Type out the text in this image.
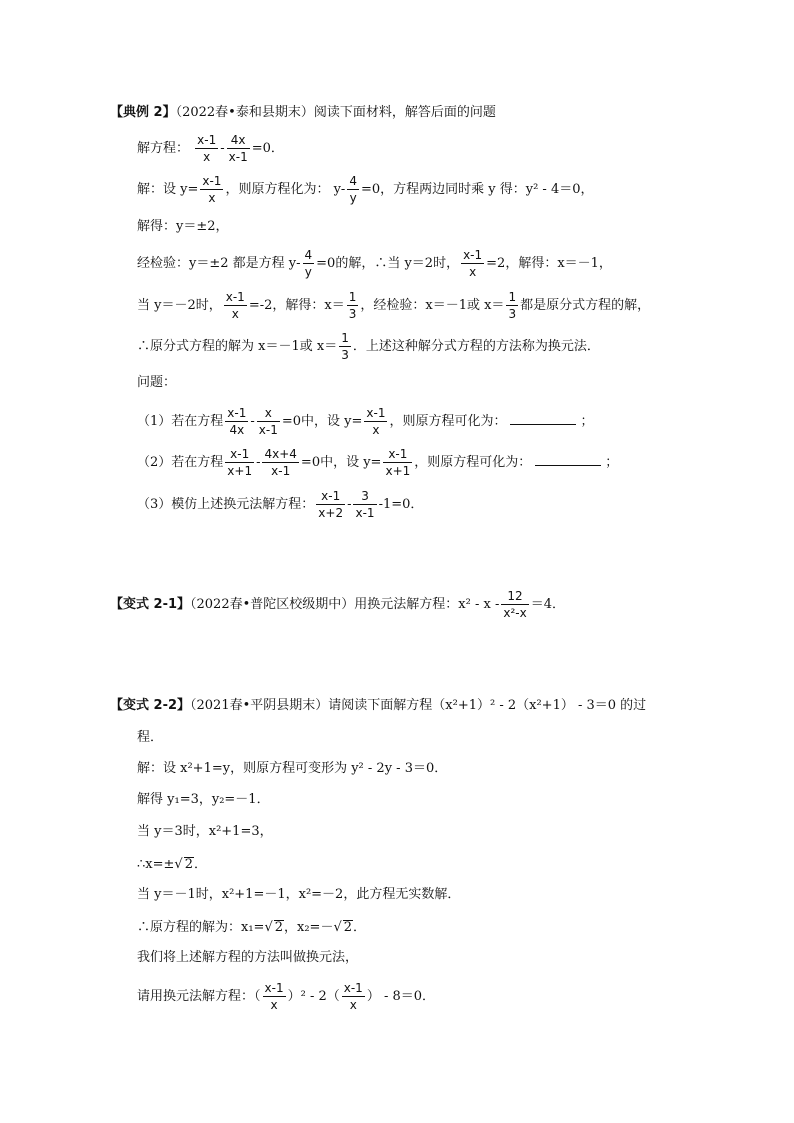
【典例 2】（2022春•泰和县期末）阅读下面材料，解答后面的问题
解方程： $\frac{x-1}{x} - \frac{4x}{x-1} =0$．
解：设 $y= \frac{x-1}{x}$ ，则原方程化为： $y- \frac{4}{y} =0$，方程两边同时乘 y 得：y² - 4＝0，
解得：y＝±2，
经检验：y＝±2 都是方程 $y- \frac{4}{y} =0$的解，∴当 y＝2时， $\frac{x-1}{x} =2$，解得：x＝－1，
当 y＝－2时， $\frac{x-1}{x} =-2$，解得：$x= \frac{1}{3}$ ，经检验：x＝－1或 $x= \frac{1}{3}$ 都是原分式方程的解，
∴原分式方程的解为 x＝－1或 $x= \frac{1}{3}$ ．上述这种解分式方程的方法称为换元法．
问题：
（1）若在方程 $\frac{x-1}{4x} - \frac{x}{x-1} =0$中，设 $y= \frac{x-1}{x}$ ，则原方程可化为：	；
（2）若在方程 $\frac{x-1}{x+1} - \frac{4x+4}{x-1} =0$中，设 $y= \frac{x-1}{x+1}$ ，则原方程可化为：	；
（3）模仿上述换元法解方程： $\frac{x-1}{x+2} - \frac{3}{x-1} -1=0$．
【变式 2-1】（2022春•普陀区校级期中）用换元法解方程：$x^2 - x - \frac{12}{\text{x²-x}} =4$．
【变式 2-2】（2021春•平阴县期末）请阅读下面解方程（x²+1）² - 2（x²+1） - 3＝0 的过
程．
解：设 x²+1=y，则原方程可变形为 y² - 2y - 3＝0．
解得 y₁=3，y₂=－1．
当 y＝3时，x²+1=3，
∴x=±√ 2．
当 y＝－1时，x²+1=－1，x²=－2，此方程无实数解．
∴原方程的解为：x₁=√ 2，x₂=－√ 2．
我们将上述解方程的方法叫做换元法，
请用换元法解方程：（ $\frac{x-1}{x} )^2 - 2( \frac{x-1}{x}$ ） - 8＝0．
